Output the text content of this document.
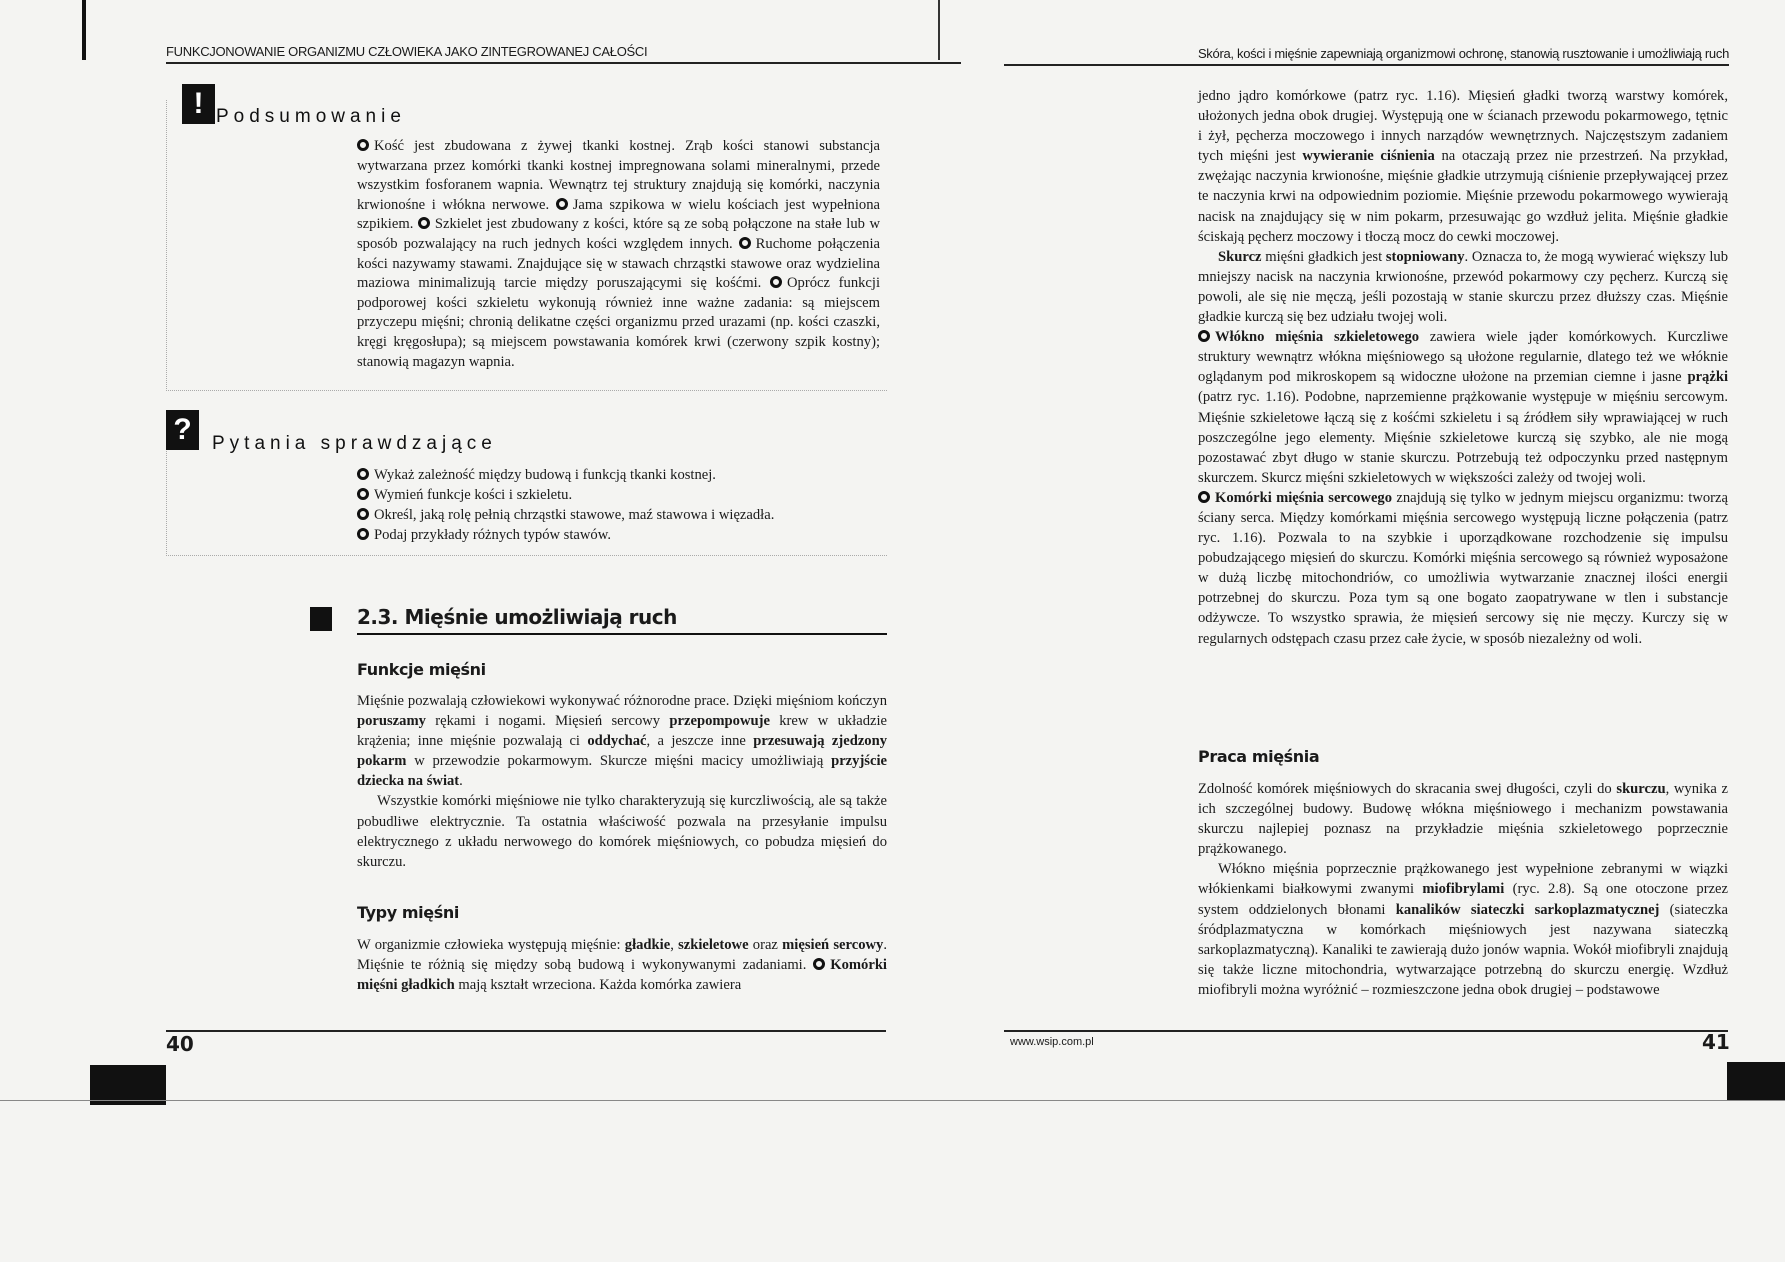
FUNKCJONOWANIE ORGANIZMU CZŁOWIEKA JAKO ZINTEGROWANEJ CAŁOŚCI
! Podsumowanie

Kość jest zbudowana z żywej tkanki kostnej. Zrąb kości stanowi substancja wytwarzana przez komórki tkanki kostnej impregnowana solami mineralnymi, przede wszystkim fosforanem wapnia. Wewnątrz tej struktury znajdują się komórki, naczynia krwionośne i włókna nerwowe. Jama szpikowa w wielu kościach jest wypełniona szpikiem. Szkielet jest zbudowany z kości, które są ze sobą połączone na stałe lub w sposób pozwalający na ruch jednych kości względem innych. Ruchome połączenia kości nazywamy stawami. Znajdujące się w stawach chrząstki stawowe oraz wydzielina maziowa minimalizują tarcie między poruszającymi się kośćmi. Oprócz funkcji podporowej kości szkieletu wykonują również inne ważne zadania: są miejscem przyczepu mięśni; chronią delikatne części organizmu przed urazami (np. kości czaszki, kręgi kręgosłupa); są miejscem powstawania komórek krwi (czerwony szpik kostny); stanowią magazyn wapnia.

?	Pytania sprawdzające
Wykaż zależność między budową i funkcją tkanki kostnej.
Wymień funkcje kości i szkieletu.
Określ, jaką rolę pełnią chrząstki stawowe, maź stawowa i więzadła.
Podaj przykłady różnych typów stawów.
2.3. Mięśnie umożliwiają ruch
Funkcje mięśni

Mięśnie pozwalają człowiekowi wykonywać różnorodne prace. Dzięki mięśniom kończyn poruszamy rękami i nogami. Mięsień sercowy przepompowuje krew w układzie krążenia; inne mięśnie pozwalają ci oddychać, a jeszcze inne przesuwają zjedzony pokarm w przewodzie pokarmowym. Skurcze mięśni macicy umożliwiają przyjście dziecka na świat.

Wszystkie komórki mięśniowe nie tylko charakteryzują się kurczliwością, ale są także pobudliwe elektrycznie. Ta ostatnia właściwość pozwala na przesyłanie impulsu elektrycznego z układu nerwowego do komórek mięśniowych, co pobudza mięsień do skurczu.

Typy mięśni

W organizmie człowieka występują mięśnie: gładkie, szkieletowe oraz mięsień sercowy. Mięśnie te różnią się między sobą budową i wykonywanymi zadaniami. Komórki mięśni gładkich mają kształt wrzeciona. Każda komórka zawiera

40
Skóra, kości i mięśnie zapewniają organizmowi ochronę, stanowią rusztowanie i umożliwiają ruch

jedno jądro komórkowe (patrz ryc. 1.16). Mięsień gładki tworzą warstwy komórek, ułożonych jedna obok drugiej. Występują one w ścianach przewodu pokarmowego, tętnic i żył, pęcherza moczowego i innych narządów wewnętrznych. Najczęstszym zadaniem tych mięśni jest wywieranie ciśnienia na otaczają przez nie przestrzeń. Na przykład, zwężając naczynia krwionośne, mięśnie gładkie utrzymują ciśnienie przepływającej przez te naczynia krwi na odpowiednim poziomie. Mięśnie przewodu pokarmowego wywierają nacisk na znajdujący się w nim pokarm, przesuwając go wzdłuż jelita. Mięśnie gładkie ściskają pęcherz moczowy i tłoczą mocz do cewki moczowej.

Skurcz mięśni gładkich jest stopniowany. Oznacza to, że mogą wywierać większy lub mniejszy nacisk na naczynia krwionośne, przewód pokarmowy czy pęcherz. Kurczą się powoli, ale się nie męczą, jeśli pozostają w stanie skurczu przez dłuższy czas. Mięśnie gładkie kurczą się bez udziału twojej woli.

Włókno mięśnia szkieletowego zawiera wiele jąder komórkowych. Kurczliwe struktury wewnątrz włókna mięśniowego są ułożone regularnie, dlatego też we włóknie oglądanym pod mikroskopem są widoczne ułożone na przemian ciemne i jasne prążki (patrz ryc. 1.16). Podobne, naprzemienne prążkowanie występuje w mięśniu sercowym. Mięśnie szkieletowe łączą się z kośćmi szkieletu i są źródłem siły wprawiającej w ruch poszczególne jego elementy. Mięśnie szkieletowe kurczą się szybko, ale nie mogą pozostawać zbyt długo w stanie skurczu. Potrzebują też odpoczynku przed następnym skurczem. Skurcz mięśni szkieletowych w większości zależy od twojej woli.

Komórki mięśnia sercowego znajdują się tylko w jednym miejscu organizmu: tworzą ściany serca. Między komórkami mięśnia sercowego występują liczne połączenia (patrz ryc. 1.16). Pozwala to na szybkie i uporządkowane rozchodzenie się impulsu pobudzającego mięsień do skurczu. Komórki mięśnia sercowego są również wyposażone w dużą liczbę mitochondriów, co umożliwia wytwarzanie znacznej ilości energii potrzebnej do skurczu. Poza tym są one bogato zaopatrywane w tlen i substancje odżywcze. To wszystko sprawia, że mięsień sercowy się nie męczy. Kurczy się w regularnych odstępach czasu przez całe życie, w sposób niezależny od woli.

Praca mięśnia

Zdolność komórek mięśniowych do skracania swej długości, czyli do skurczu, wynika z ich szczególnej budowy. Budowę włókna mięśniowego i mechanizm powstawania skurczu najlepiej poznasz na przykładzie mięśnia szkieletowego poprzecznie prążkowanego.

Włókno mięśnia poprzecznie prążkowanego jest wypełnione zebranymi w wiązki włókienkami białkowymi zwanymi miofibrylami (ryc. 2.8). Są one otoczone przez system oddzielonych błonami kanalików siateczki sarkoplazmatycznej (siateczka śródplazmatyczna w komórkach mięśniowych jest nazywana siateczką sarkoplazmatyczną). Kanaliki te zawierają dużo jonów wapnia. Wokół miofibryli znajdują się także liczne mitochondria, wytwarzające potrzebną do skurczu energię. Wzdłuż miofibryli można wyróżnić – rozmieszczone jedna obok drugiej – podstawowe

www.wsip.com.pl	41
